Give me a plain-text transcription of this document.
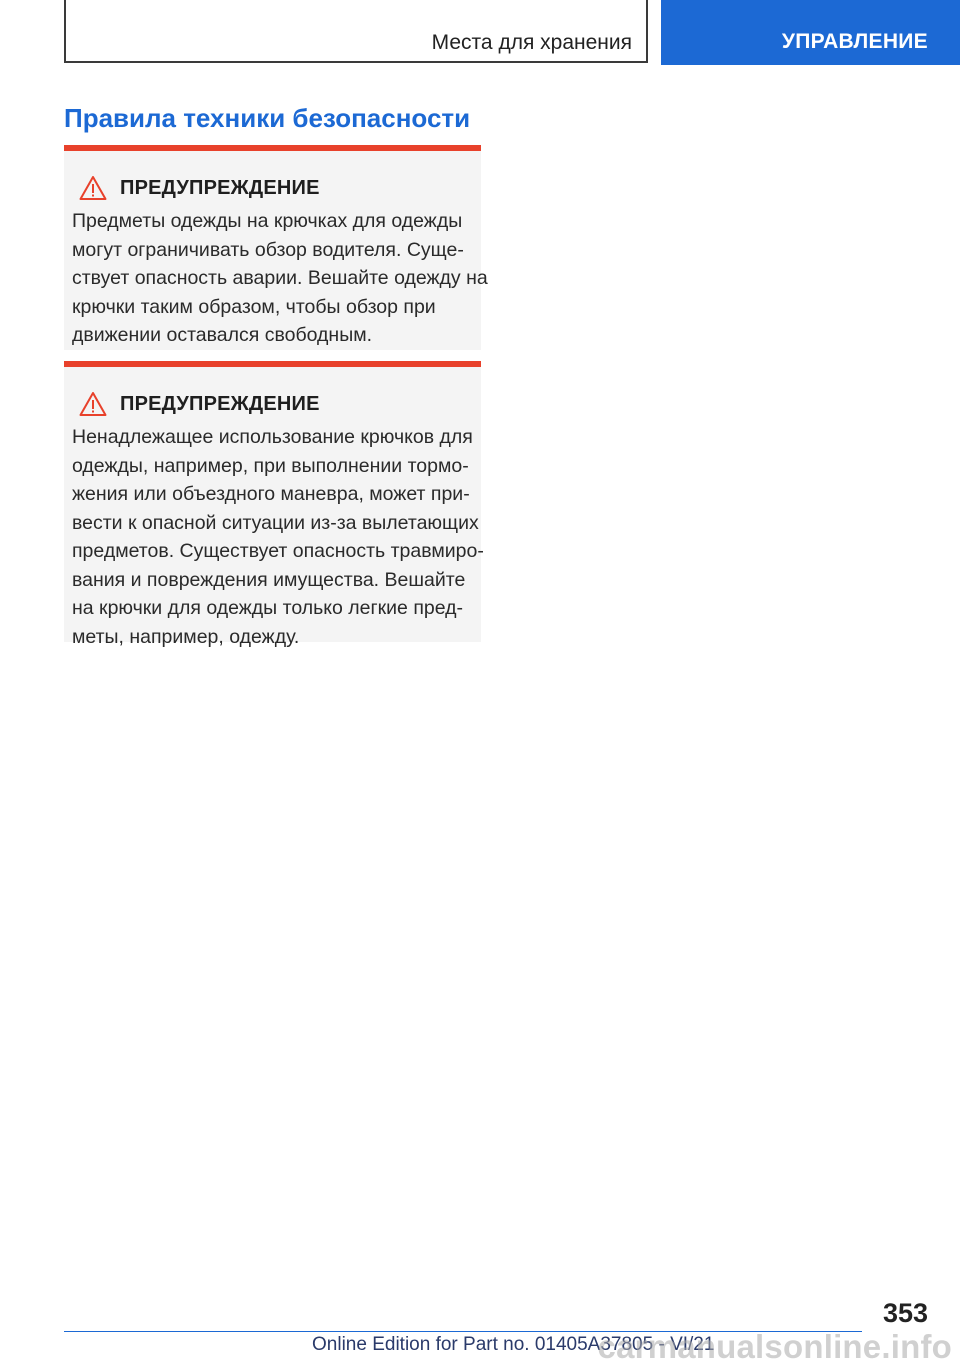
Места для хранения	УПРАВЛЕНИЕ
Правила техники безопасности
ПРЕДУПРЕЖДЕНИЕ

Предметы одежды на крючках для одежды
могут ограничивать обзор водителя. Суще-
ствует опасность аварии. Вешайте одежду на
крючки таким образом, чтобы обзор при
движении оставался свободным.

ПРЕДУПРЕЖДЕНИЕ

Ненадлежащее использование крючков для
одежды, например, при выполнении тормо-
жения или объездного маневра, может при-
вести к опасной ситуации из-за вылетающих
предметов. Существует опасность травмиро-
вания и повреждения имущества. Вешайте
на крючки для одежды только легкие пред-
меты, например, одежду.

353
Online Edition for Part no. 01405A37805 - VI/21
carmanualsonline.info
